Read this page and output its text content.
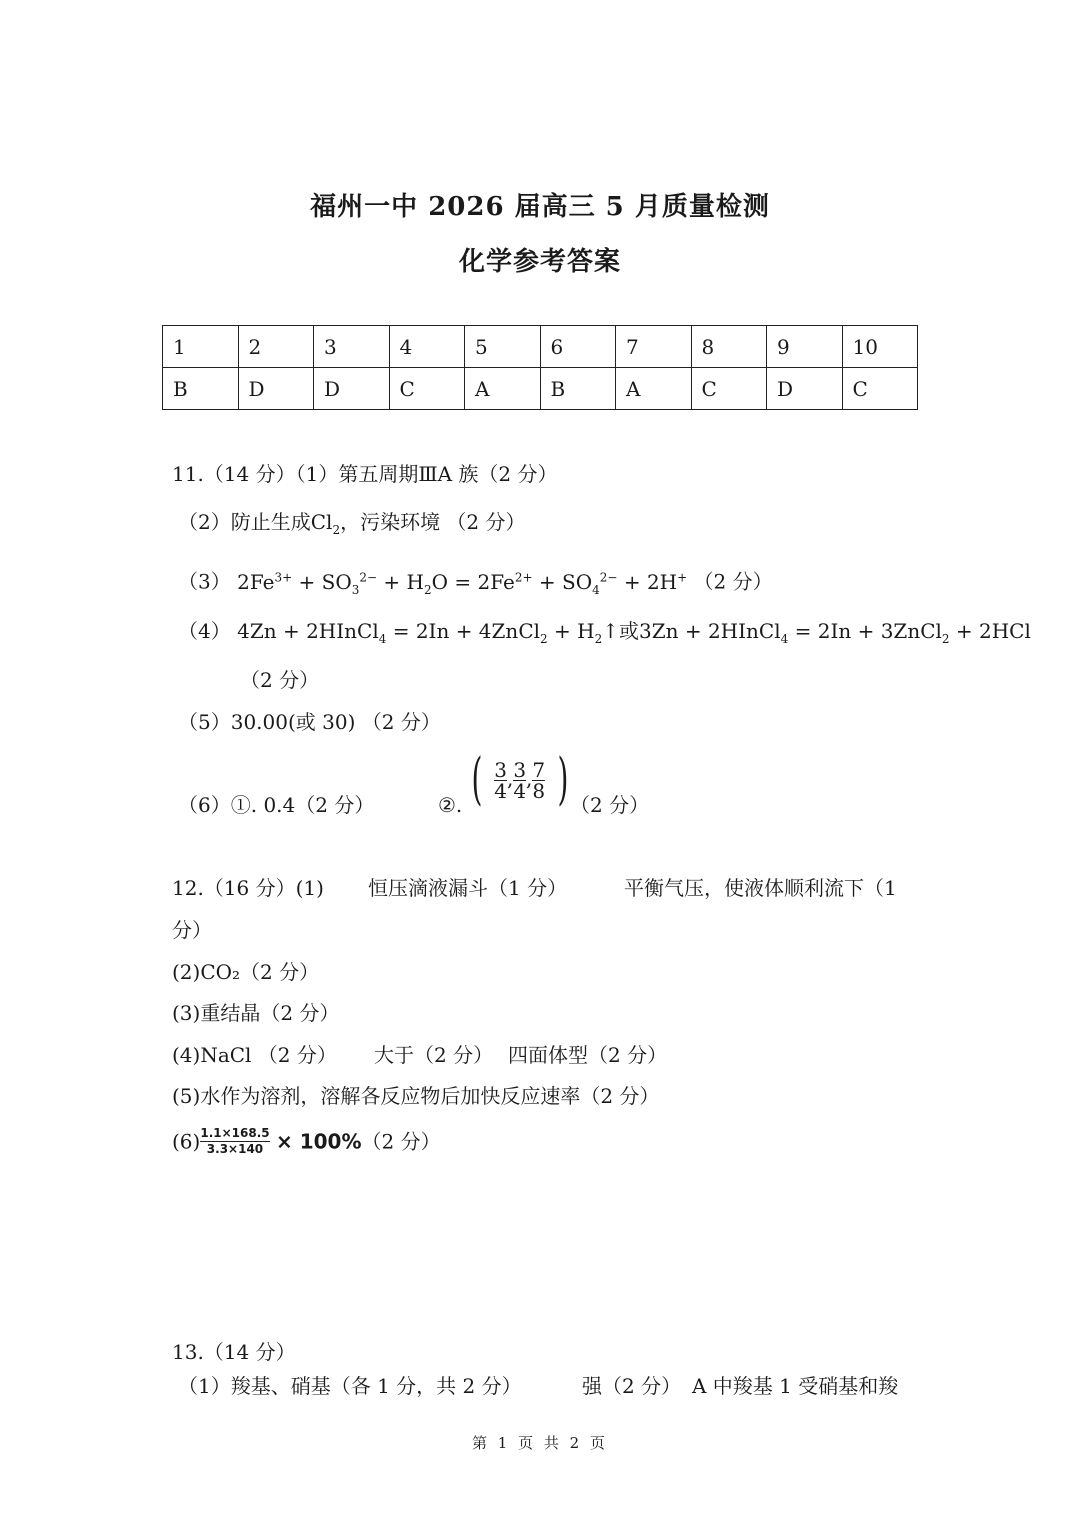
福州一中 2026 届高三 5 月质量检测
化学参考答案
1	2	3	4	5	6	7	8	9	10
B	D	D	C	A	B	A	C	D	C
11.（14 分）（1）第五周期ⅢA 族（2 分）
（2）防止生成$Cl_2$，污染环境 （2 分）
（3） $2Fe^{3+} + SO_3^{2-} + H_2O = 2Fe^{2+} + SO_4^{2-} + 2H^+$ （2 分）
（4） 4Zn + 2HInCl$_4$ = 2In + 4ZnCl$_2$ + $H_2↑$或3Zn + 2HInCl$_4$ = 2In + 3ZnCl$_2$ + 2HCl
（2 分）
（5）30.00(或 30) （2 分）
（6）①. 0.4（2 分）	②. ( $\frac{3}{4}$ , $\frac{3}{4}$ , $\frac{7}{8}$ ) （2 分）
12.（16 分）(1) 恒压滴液漏斗（1 分）	平衡气压，使液体顺利流下（1
分）
(2)CO₂（2 分）
(3)重结晶（2 分）
(4)NaCl （2 分） 大于（2 分） 四面体型（2 分）
(5)水作为溶剂，溶解各反应物后加快反应速率（2 分）
$(6) \frac{1.1\times 168.5}{3.3\times 140} \times 100\%(2$ 分）
13.（14 分）
（1）羧基、硝基（各 1 分，共 2 分）	强（2 分） A 中羧基 1 受硝基和羧
第 1 页 共 2 页
